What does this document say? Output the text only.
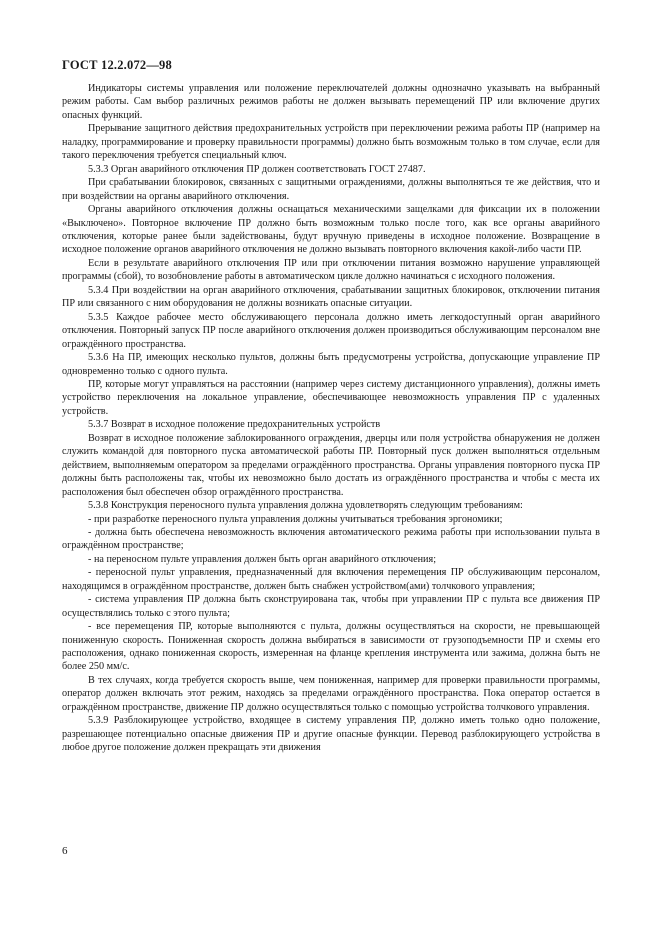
ГОСТ 12.2.072—98

Индикаторы системы управления или положение переключателей должны однозначно указывать на выбранный режим работы. Сам выбор различных режимов работы не должен вызывать перемещений ПР или включение других опасных функций.

Прерывание защитного действия предохранительных устройств при переключении режима работы ПР (например на наладку, программирование и проверку правильности программы) должно быть возможным только в том случае, если для такого переключения требуется специальный ключ.

5.3.3 Орган аварийного отключения ПР должен соответствовать ГОСТ 27487.

При срабатывании блокировок, связанных с защитными ограждениями, должны выполняться те же действия, что и при воздействии на органы аварийного отключения.

Органы аварийного отключения должны оснащаться механическими защелками для фиксации их в положении «Выключено». Повторное включение ПР должно быть возможным только после того, как все органы аварийного отключения, которые ранее были задействованы, будут вручную приведены в исходное положение. Возвращение в исходное положение органов аварийного отключения не должно вызывать повторного включения какой-либо части ПР.

Если в результате аварийного отключения ПР или при отключении питания возможно нарушение управляющей программы (сбой), то возобновление работы в автоматическом цикле должно начинаться с исходного положения.

5.3.4 При воздействии на орган аварийного отключения, срабатывании защитных блокировок, отключении питания ПР или связанного с ним оборудования не должны возникать опасные ситуации.

5.3.5 Каждое рабочее место обслуживающего персонала должно иметь легкодоступный орган аварийного отключения. Повторный запуск ПР после аварийного отключения должен производиться обслуживающим персоналом вне ограждённого пространства.

5.3.6 На ПР, имеющих несколько пультов, должны быть предусмотрены устройства, допускающие управление ПР одновременно только с одного пульта.

ПР, которые могут управляться на расстоянии (например через систему дистанционного управления), должны иметь устройство переключения на локальное управление, обеспечивающее невозможность управления ПР с удаленных устройств.

5.3.7 Возврат в исходное положение предохранительных устройств

Возврат в исходное положение заблокированного ограждения, дверцы или поля устройства обнаружения не должен служить командой для повторного пуска автоматической работы ПР. Повторный пуск должен выполняться отдельным действием, выполняемым оператором за пределами ограждённого пространства. Органы управления повторного пуска ПР должны быть расположены так, чтобы их невозможно было достать из ограждённого пространства и чтобы с места их расположения был обеспечен обзор ограждённого пространства.

5.3.8 Конструкция переносного пульта управления должна удовлетворять следующим требованиям:

- при разработке переносного пульта управления должны учитываться требования эргономики;

- должна быть обеспечена невозможность включения автоматического режима работы при использовании пульта в ограждённом пространстве;

- на переносном пульте управления должен быть орган аварийного отключения;

- переносной пульт управления, предназначенный для включения перемещения ПР обслуживающим персоналом, находящимся в ограждённом пространстве, должен быть снабжен устройством(ами) толчкового управления;

- система управления ПР должна быть сконструирована так, чтобы при управлении ПР с пульта все движения ПР осуществлялись только с этого пульта;

- все перемещения ПР, которые выполняются с пульта, должны осуществляться на скорости, не превышающей пониженную скорость. Пониженная скорость должна выбираться в зависимости от грузоподъемности ПР и схемы его расположения, однако пониженная скорость, измеренная на фланце крепления инструмента или зажима, должна быть не более 250 мм/с.

В тех случаях, когда требуется скорость выше, чем пониженная, например для проверки правильности программы, оператор должен включать этот режим, находясь за пределами ограждённого пространства. Пока оператор остается в ограждённом пространстве, движение ПР должно осуществляться только с помощью устройства толчкового управления.

5.3.9 Разблокирующее устройство, входящее в систему управления ПР, должно иметь только одно положение, разрешающее потенциально опасные движения ПР и другие опасные функции. Перевод разблокирующего устройства в любое другое положение должен прекращать эти движения

6
